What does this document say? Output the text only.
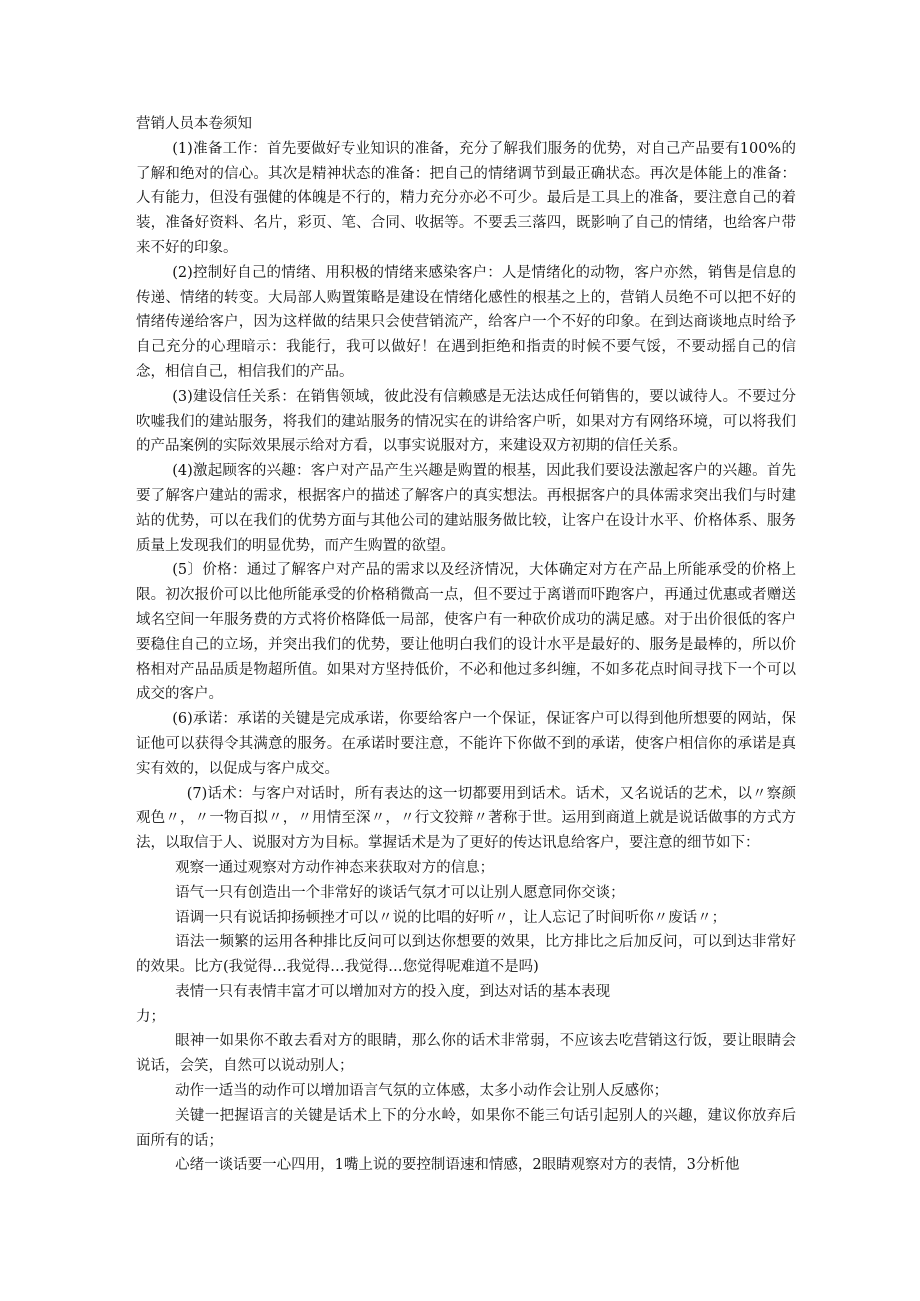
营销人员本卷须知

(1)准备工作：首先要做好专业知识的准备，充分了解我们服务的优势，对自己产品要有100%的了解和绝对的信心。其次是精神状态的准备：把自己的情绪调节到最正确状态。再次是体能上的准备：人有能力，但没有强健的体魄是不行的，精力充分亦必不可少。最后是工具上的准备，要注意自己的着装，准备好资料、名片，彩页、笔、合同、收据等。不要丢三落四，既影响了自己的情绪，也给客户带来不好的印象。

(2)控制好自己的情绪、用积极的情绪来感染客户：人是情绪化的动物，客户亦然，销售是信息的传递、情绪的转变。大局部人购置策略是建设在情绪化感性的根基之上的，营销人员绝不可以把不好的情绪传递给客户，因为这样做的结果只会使营销流产，给客户一个不好的印象。在到达商谈地点时给予自己充分的心理暗示：我能行，我可以做好！在遇到拒绝和指责的时候不要气馁，不要动摇自己的信念，相信自己，相信我们的产品。

(3)建设信任关系：在销售领域，彼此没有信赖感是无法达成任何销售的，要以诚待人。不要过分吹嘘我们的建站服务，将我们的建站服务的情况实在的讲给客户听，如果对方有网络环境，可以将我们的产品案例的实际效果展示给对方看，以事实说服对方，来建设双方初期的信任关系。

(4)激起顾客的兴趣：客户对产品产生兴趣是购置的根基，因此我们要设法激起客户的兴趣。首先要了解客户建站的需求，根据客户的描述了解客户的真实想法。再根据客户的具体需求突出我们与时建站的优势，可以在我们的优势方面与其他公司的建站服务做比较，让客户在设计水平、价格体系、服务质量上发现我们的明显优势，而产生购置的欲望。

(5〕价格：通过了解客户对产品的需求以及经济情况，大体确定对方在产品上所能承受的价格上限。初次报价可以比他所能承受的价格稍微高一点，但不要过于离谱而吓跑客户，再通过优惠或者赠送域名空间一年服务费的方式将价格降低一局部，使客户有一种砍价成功的满足感。对于出价很低的客户要稳住自己的立场，并突出我们的优势，要让他明白我们的设计水平是最好的、服务是最棒的，所以价格相对产品品质是物超所值。如果对方坚持低价，不必和他过多纠缠，不如多花点时间寻找下一个可以成交的客户。

(6)承诺：承诺的关键是完成承诺，你要给客户一个保证，保证客户可以得到他所想要的网站，保证他可以获得令其满意的服务。在承诺时要注意，不能许下你做不到的承诺，使客户相信你的承诺是真实有效的，以促成与客户成交。

(7)话术：与客户对话时，所有表达的这一切都要用到话术。话术，又名说话的艺术，以〃察颜观色〃，〃一物百拟〃，〃用情至深〃，〃行文狡辩〃著称于世。运用到商道上就是说话做事的方式方法，以取信于人、说服对方为目标。掌握话术是为了更好的传达讯息给客户，要注意的细节如下：

观察一通过观察对方动作神态来获取对方的信息；

语气一只有创造出一个非常好的谈话气氛才可以让别人愿意同你交谈；

语调一只有说话抑扬顿挫才可以〃说的比唱的好听〃，让人忘记了时间听你〃废话〃；

语法一频繁的运用各种排比反问可以到达你想要的效果，比方排比之后加反问，可以到达非常好的效果。比方(我觉得…我觉得…我觉得…您觉得呢难道不是吗)

表情一只有表情丰富才可以增加对方的投入度，到达对话的基本表现

力；

眼神一如果你不敢去看对方的眼睛，那么你的话术非常弱，不应该去吃营销这行饭，要让眼睛会说话，会笑，自然可以说动别人；

动作一适当的动作可以增加语言气氛的立体感，太多小动作会让别人反感你；

关键一把握语言的关键是话术上下的分水岭，如果你不能三句话引起别人的兴趣，建议你放弃后面所有的话；

心绪一谈话要一心四用，1嘴上说的要控制语速和情感，2眼睛观察对方的表情，3分析他
